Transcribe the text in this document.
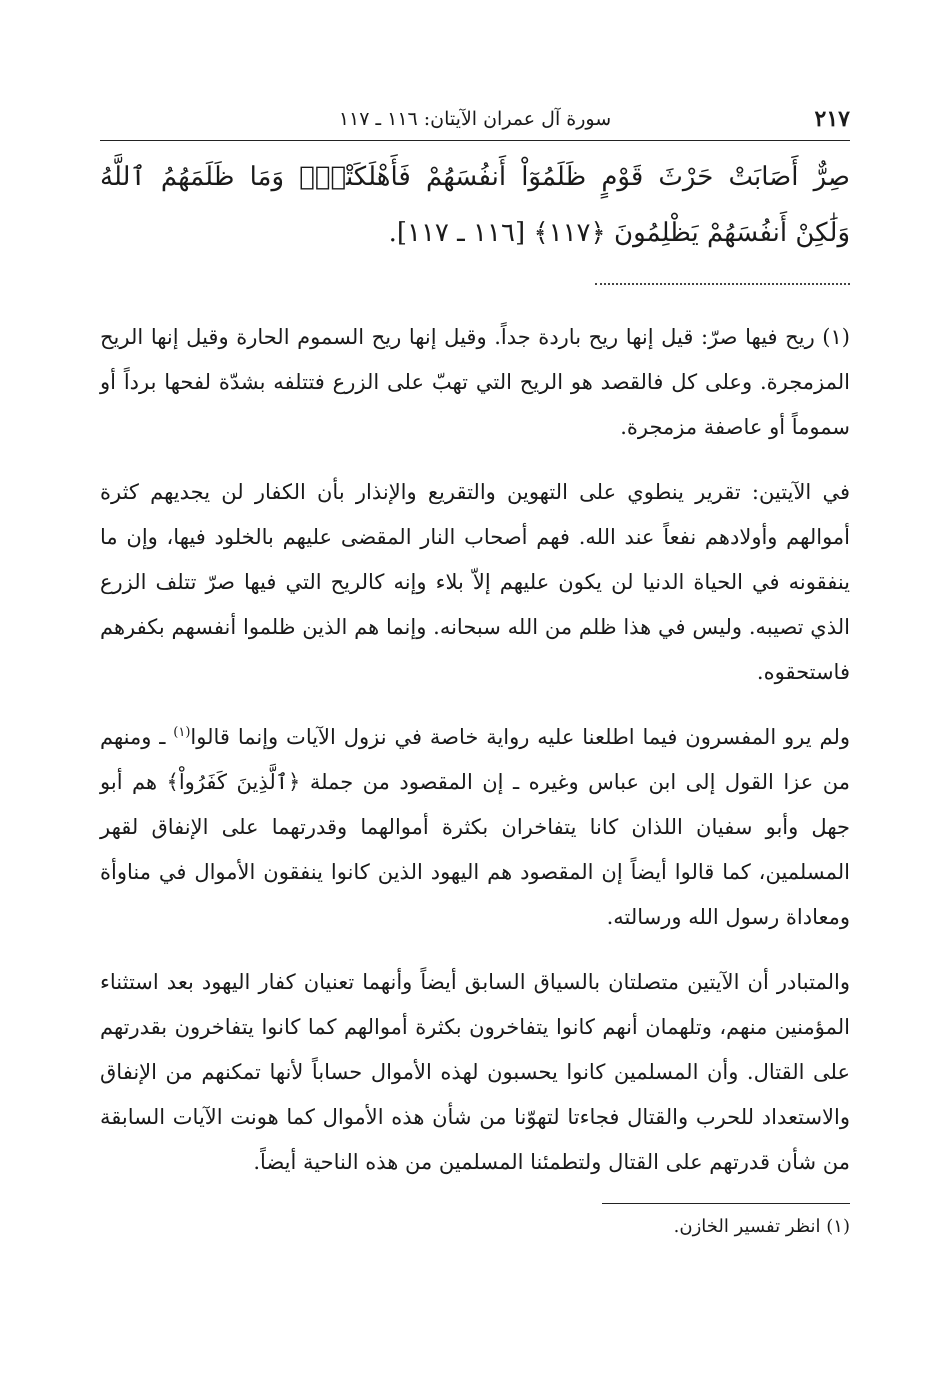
٢١٧
سورة آل عمران الآيتان: ١١٦ ـ ١١٧
صِرٌّ أَصَابَتْ حَرْثَ قَوْمٍ ظَلَمُوٓاْ أَنفُسَهُمْ فَأَهْلَكَتْهُۚ وَمَا ظَلَمَهُمُ ٱللَّهُ وَلَٰكِنْ أَنفُسَهُمْ يَظْلِمُونَ ﴿١١٧﴾ [١١٦ ـ ١١٧].

(١) ريح فيها صرّ: قيل إنها ريح باردة جداً. وقيل إنها ريح السموم الحارة وقيل إنها الريح المزمجرة. وعلى كل فالقصد هو الريح التي تهبّ على الزرع فتتلفه بشدّة لفحها برداً أو سموماً أو عاصفة مزمجرة.

في الآيتين: تقرير ينطوي على التهوين والتقريع والإنذار بأن الكفار لن يجديهم كثرة أموالهم وأولادهم نفعاً عند الله. فهم أصحاب النار المقضى عليهم بالخلود فيها، وإن ما ينفقونه في الحياة الدنيا لن يكون عليهم إلاّ بلاء وإنه كالريح التي فيها صرّ تتلف الزرع الذي تصيبه. وليس في هذا ظلم من الله سبحانه. وإنما هم الذين ظلموا أنفسهم بكفرهم فاستحقوه.

ولم يرو المفسرون فيما اطلعنا عليه رواية خاصة في نزول الآيات وإنما قالوا$^{(١)}$ ـ ومنهم من عزا القول إلى ابن عباس وغيره ـ إن المقصود من جملة ﴿ٱلَّذِينَ كَفَرُواْ﴾ هم أبو جهل وأبو سفيان اللذان كانا يتفاخران بكثرة أموالهما وقدرتهما على الإنفاق لقهر المسلمين، كما قالوا أيضاً إن المقصود هم اليهود الذين كانوا ينفقون الأموال في مناوأة ومعاداة رسول الله ورسالته.

والمتبادر أن الآيتين متصلتان بالسياق السابق أيضاً وأنهما تعنيان كفار اليهود بعد استثناء المؤمنين منهم، وتلهمان أنهم كانوا يتفاخرون بكثرة أموالهم كما كانوا يتفاخرون بقدرتهم على القتال. وأن المسلمين كانوا يحسبون لهذه الأموال حساباً لأنها تمكنهم من الإنفاق والاستعداد للحرب والقتال فجاءتا لتهوّنا من شأن هذه الأموال كما هونت الآيات السابقة من شأن قدرتهم على القتال ولتطمئنا المسلمين من هذه الناحية أيضاً.

(١) انظر تفسير الخازن.
